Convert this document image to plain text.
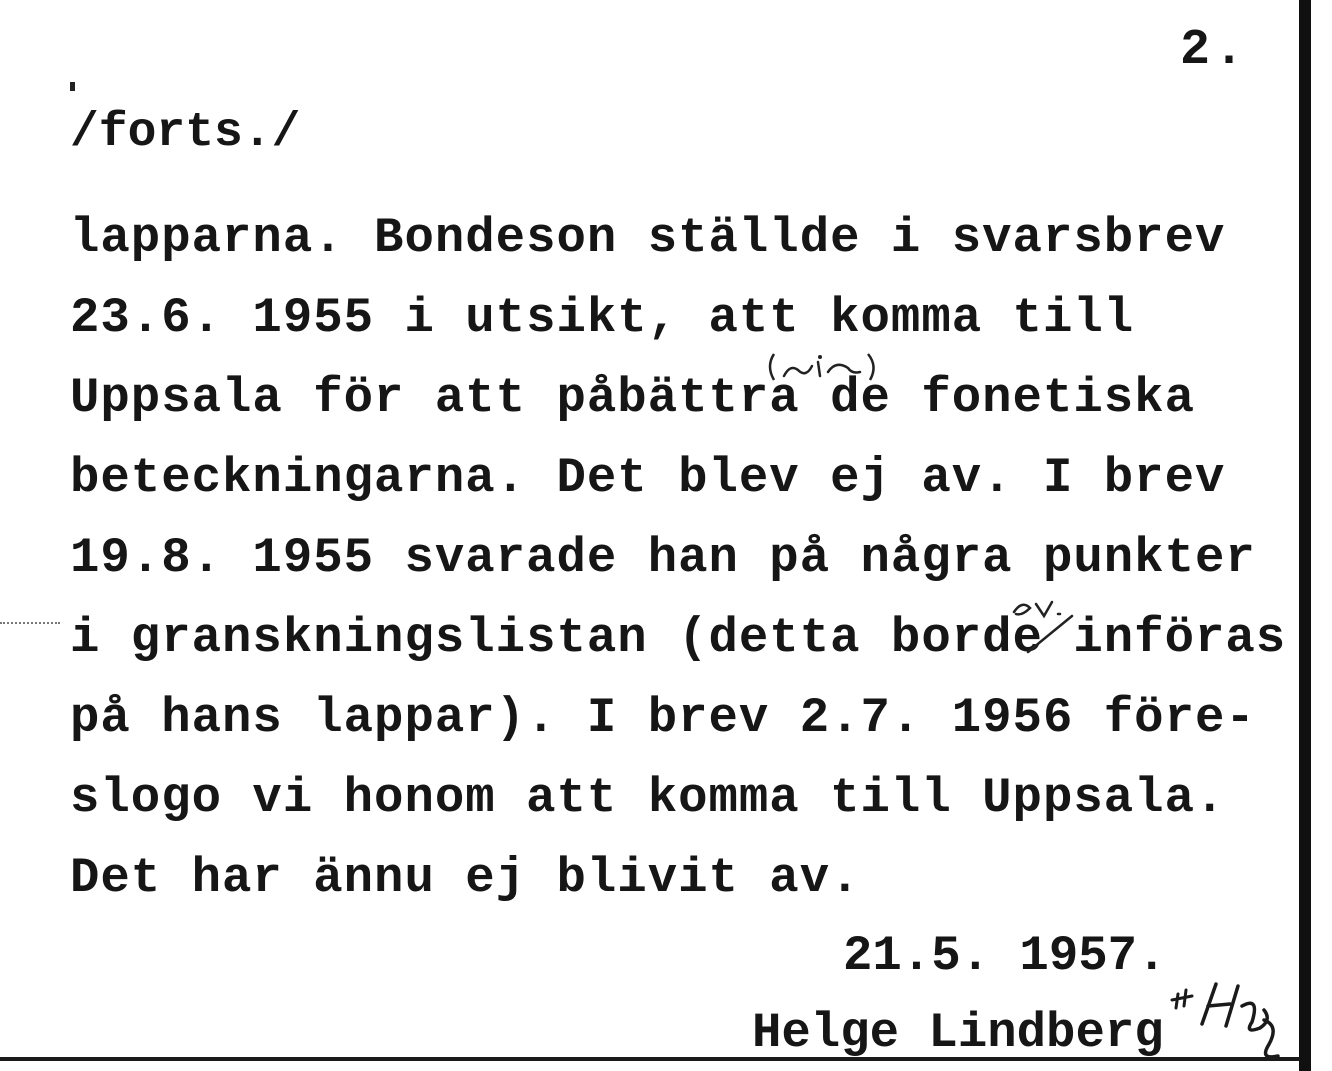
2.
/forts./
lapparna. Bondeson ställde i svarsbrev
23.6. 1955 i utsikt, att komma till
Uppsala för att påbättra de fonetiska
beteckningarna. Det blev ej av. I brev
19.8. 1955 svarade han på några punkter
i granskningslistan (detta borde införas
på hans lappar). I brev 2.7. 1956 före-
slogo vi honom att komma till Uppsala.
Det har ännu ej blivit av.
21.5. 1957.
Helge Lindberg
